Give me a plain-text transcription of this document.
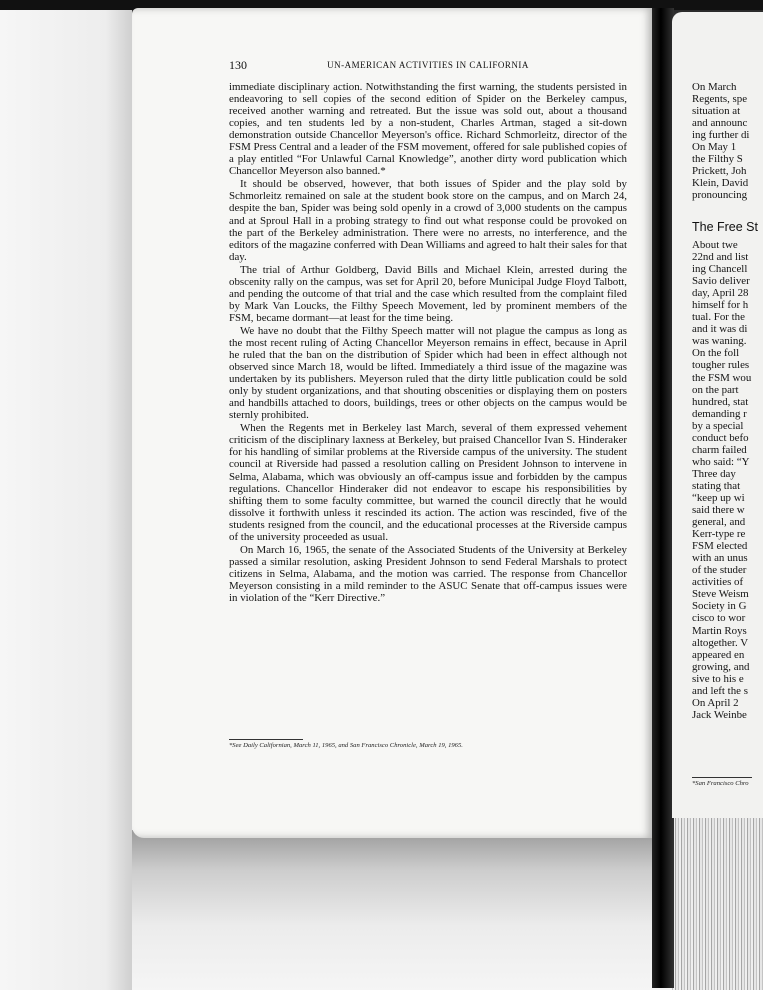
130	UN-AMERICAN ACTIVITIES IN CALIFORNIA

immediate disciplinary action. Notwithstanding the first warning, the students persisted in endeavoring to sell copies of the second edition of Spider on the Berkeley campus, received another warning and retreated. But the issue was sold out, about a thousand copies, and ten students led by a non-student, Charles Artman, staged a sit-down demonstration outside Chancellor Meyerson's office. Richard Schmorleitz, director of the FSM Press Central and a leader of the FSM movement, offered for sale published copies of a play entitled “For Unlawful Carnal Knowledge”, another dirty word publication which Chancellor Meyerson also banned.*

It should be observed, however, that both issues of Spider and the play sold by Schmorleitz remained on sale at the student book store on the campus, and on March 24, despite the ban, Spider was being sold openly in a crowd of 3,000 students on the campus and at Sproul Hall in a probing strategy to find out what response could be provoked on the part of the Berkeley administration. There were no arrests, no interference, and the editors of the magazine conferred with Dean Williams and agreed to halt their sales for that day.

The trial of Arthur Goldberg, David Bills and Michael Klein, arrested during the obscenity rally on the campus, was set for April 20, before Municipal Judge Floyd Talbott, and pending the outcome of that trial and the case which resulted from the complaint filed by Mark Van Loucks, the Filthy Speech Movement, led by prominent members of the FSM, became dormant—at least for the time being.

We have no doubt that the Filthy Speech matter will not plague the campus as long as the most recent ruling of Acting Chancellor Meyerson remains in effect, because in April he ruled that the ban on the distribution of Spider which had been in effect although not observed since March 18, would be lifted. Immediately a third issue of the magazine was undertaken by its publishers. Meyerson ruled that the dirty little publication could be sold only by student organizations, and that shouting obscenities or displaying them on posters and handbills attached to doors, buildings, trees or other objects on the campus would be sternly prohibited.

When the Regents met in Berkeley last March, several of them expressed vehement criticism of the disciplinary laxness at Berkeley, but praised Chancellor Ivan S. Hinderaker for his handling of similar problems at the Riverside campus of the university. The student council at Riverside had passed a resolution calling on President Johnson to intervene in Selma, Alabama, which was obviously an off-campus issue and forbidden by the campus regulations. Chancellor Hinderaker did not endeavor to escape his responsibilities by shifting them to some faculty committee, but warned the council directly that he would dissolve it forthwith unless it rescinded its action. The action was rescinded, five of the students resigned from the council, and the educational processes at the Riverside campus of the university proceeded as usual.

On March 16, 1965, the senate of the Associated Students of the University at Berkeley passed a similar resolution, asking President Johnson to send Federal Marshals to protect citizens in Selma, Alabama, and the motion was carried. The response from Chancellor Meyerson consisting in a mild reminder to the ASUC Senate that off-campus issues were in violation of the “Kerr Directive.”

*See Daily Californian, March 11, 1965, and San Francisco Chronicle, March 19, 1965.
On March
Regents, spe
situation at
and announc
ing further di
On May 1
the Filthy S
Prickett, Joh
Klein, David
pronouncing
The Free St
About twe
22nd and list
ing Chancell
Savio deliver
day, April 28
himself for h
tual. For the
and it was di
was waning.
On the foll
tougher rules
the FSM wou
on the part
hundred, stat
demanding r
by a special
conduct befo
charm failed
who said: “Y
Three day
stating that
“keep up wi
said there w
general, and
Kerr-type re
FSM elected
with an unus
of the studer
activities of
Steve Weism
Society in G
cisco to wor
Martin Roys
altogether. V
appeared en
growing, and
sive to his e
and left the s
On April 2
Jack Weinbe
*San Francisco Chro
